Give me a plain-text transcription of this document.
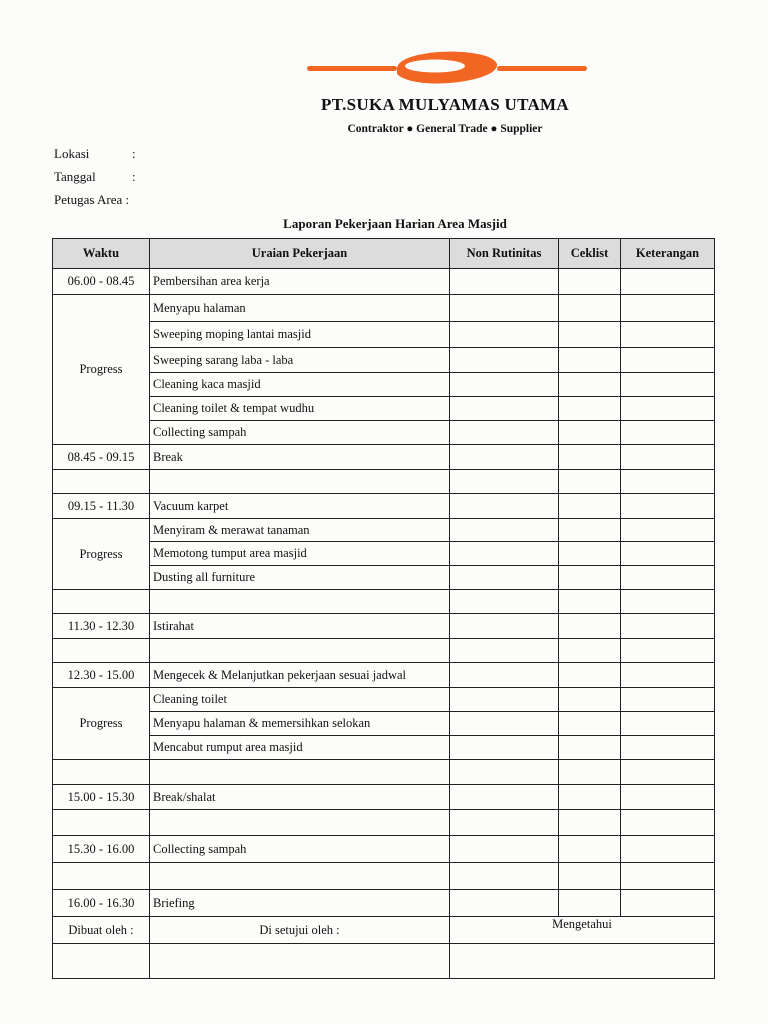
PT.SUKA MULYAMAS UTAMA
Contraktor ● General Trade ● Supplier
Lokasi	:
Tanggal	:
Petugas Area :
Laporan Pekerjaan Harian Area Masjid
Waktu	Uraian Pekerjaan	Non Rutinitas	Ceklist	Keterangan
06.00 - 08.45	Pembersihan area kerja			
Progress	Menyapu halaman			
	Sweeping moping lantai masjid			
	Sweeping sarang laba - laba			
	Cleaning kaca masjid			
	Cleaning toilet & tempat wudhu			
	Collecting sampah			
08.45 - 09.15	Break			

09.15 - 11.30	Vacuum karpet			
Progress	Menyiram & merawat tanaman			
	Memotong tumput area masjid			
	Dusting all furniture			

11.30 - 12.30	Istirahat			

12.30 - 15.00	Mengecek & Melanjutkan pekerjaan sesuai jadwal			
Progress	Cleaning toilet			
	Menyapu halaman & memersihkan selokan			
	Mencabut rumput area masjid			

15.00 - 15.30	Break/shalat			

15.30 - 16.00	Collecting sampah			

16.00 - 16.30	Briefing			
Dibuat oleh :	Di setujui oleh :	Mengetahui		
